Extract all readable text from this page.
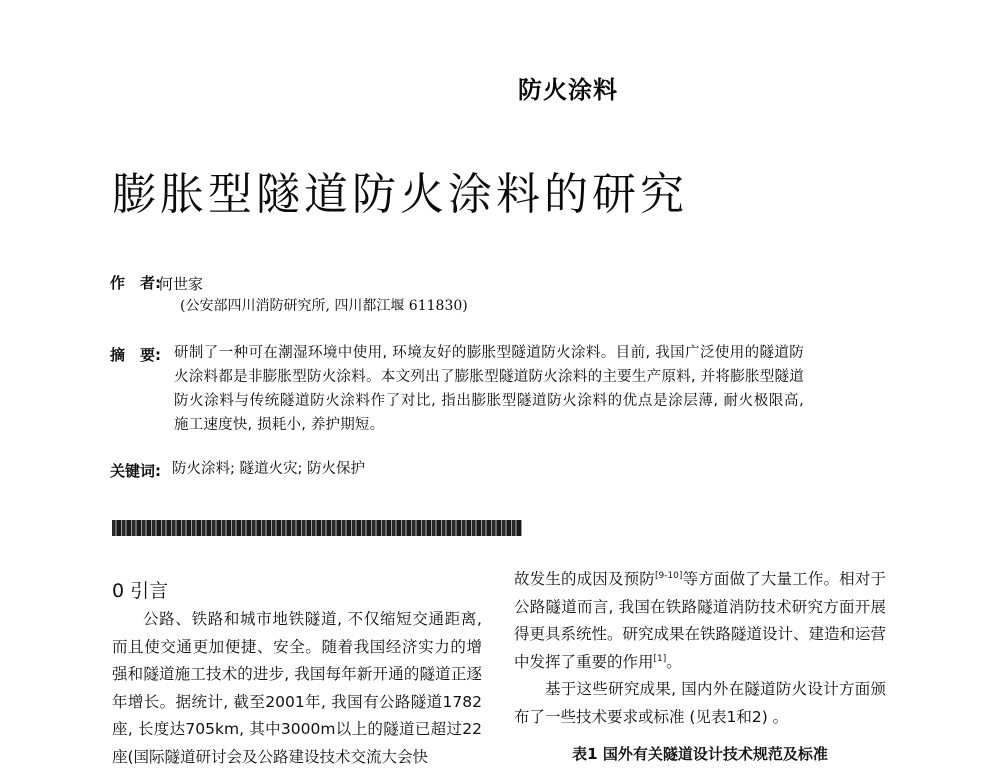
防火涂料
膨胀型隧道防火涂料的研究
作　者:
何世家
(公安部四川消防研究所, 四川都江堰 611830)
摘　要: 研制了一种可在潮湿环境中使用, 环境友好的膨胀型隧道防火涂料。目前, 我国广泛使用的隧道防火涂料都是非膨胀型防火涂料。本文列出了膨胀型隧道防火涂料的主要生产原料, 并将膨胀型隧道防火涂料与传统隧道防火涂料作了对比, 指出膨胀型隧道防火涂料的优点是涂层薄, 耐火极限高, 施工速度快, 损耗小, 养护期短。
关键词: 防火涂料; 隧道火灾; 防火保护
0 引言
公路、铁路和城市地铁隧道, 不仅缩短交通距离, 而且使交通更加便捷、安全。随着我国经济实力的增强和隧道施工技术的进步, 我国每年新开通的隧道正逐年增长。据统计, 截至2001年, 我国有公路隧道1782座, 长度达705km, 其中3000m以上的隧道已超过22座(国际隧道研讨会及公路建设技术交流大会快
故发生的成因及预防[9-10]等方面做了大量工作。相对于公路隧道而言, 我国在铁路隧道消防技术研究方面开展得更具系统性。研究成果在铁路隧道设计、建造和运营中发挥了重要的作用[1]。
基于这些研究成果, 国内外在隧道防火设计方面颁布了一些技术要求或标准 (见表1和2) 。
表1 国外有关隧道设计技术规范及标准
